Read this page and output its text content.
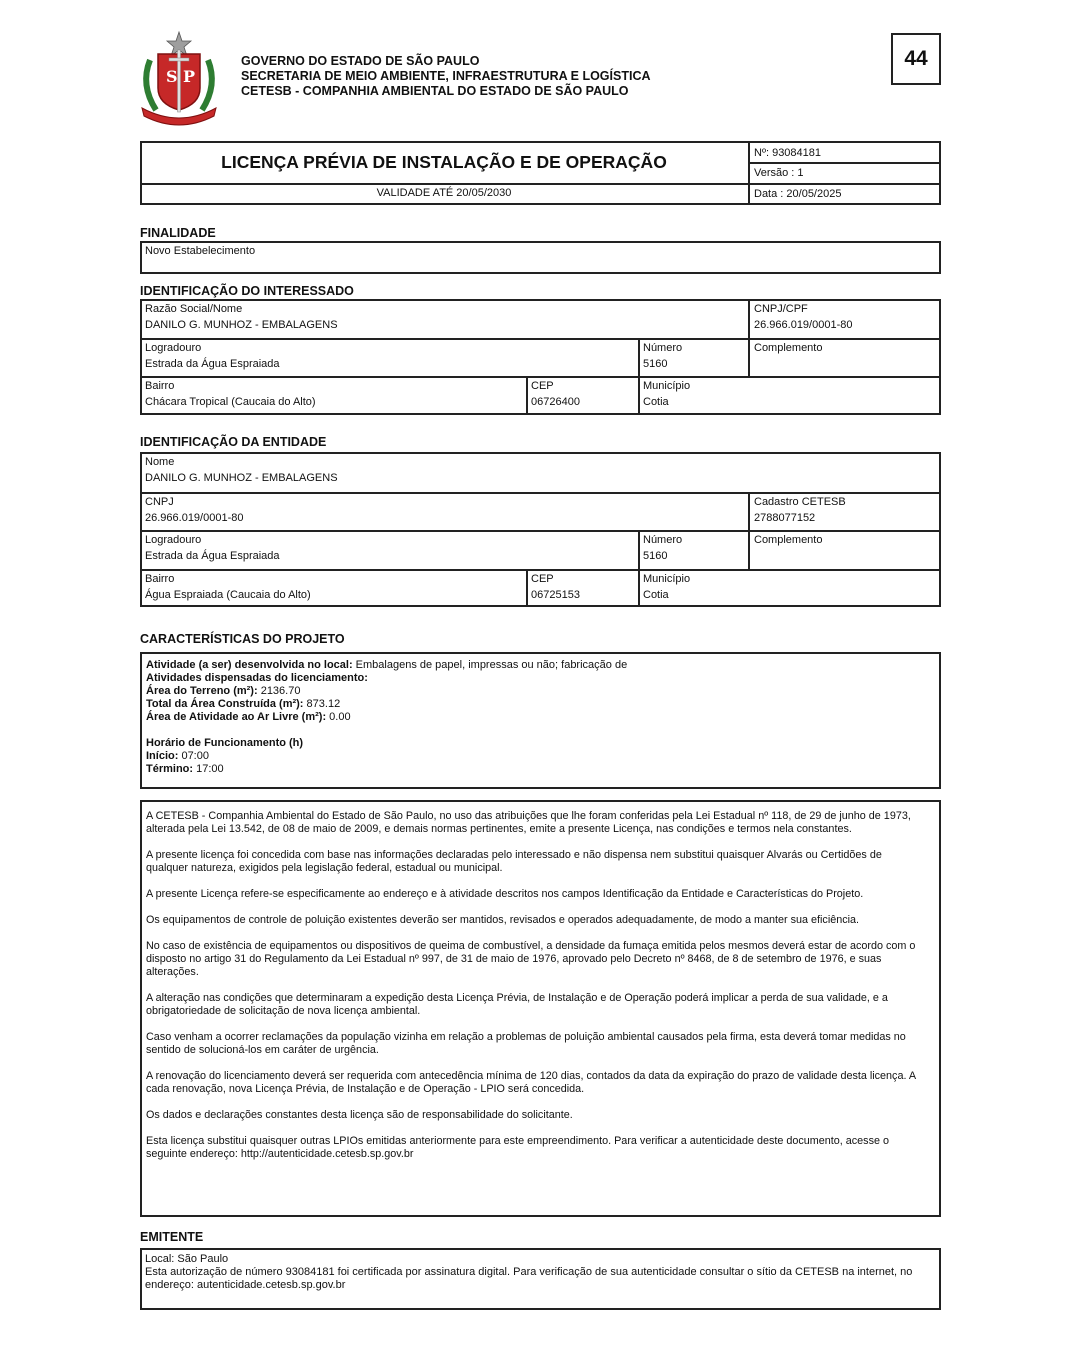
S P
GOVERNO DO ESTADO DE SÃO PAULO
SECRETARIA DE MEIO AMBIENTE, INFRAESTRUTURA E LOGÍSTICA
CETESB - COMPANHIA AMBIENTAL DO ESTADO DE SÃO PAULO
44
LICENÇA PRÉVIA DE INSTALAÇÃO E DE OPERAÇÃO
VALIDADE ATÉ 20/05/2030
Nº: 93084181
Versão : 1
Data : 20/05/2025
FINALIDADE
Novo Estabelecimento
IDENTIFICAÇÃO DO INTERESSADO
Razão Social/Nome
DANILO G. MUNHOZ - EMBALAGENS
CNPJ/CPF
26.966.019/0001-80
Logradouro
Estrada da Água Espraiada
Número
5160
Complemento
Bairro
Chácara Tropical (Caucaia do Alto)
CEP
06726400
Município
Cotia
IDENTIFICAÇÃO DA ENTIDADE
Nome
DANILO G. MUNHOZ - EMBALAGENS
CNPJ
26.966.019/0001-80
Cadastro CETESB
2788077152
Logradouro
Estrada da Água Espraiada
Número
5160
Complemento
Bairro
Água Espraiada (Caucaia do Alto)
CEP
06725153
Município
Cotia
CARACTERÍSTICAS DO PROJETO

Atividade (a ser) desenvolvida no local: Embalagens de papel, impressas ou não; fabricação de

Atividades dispensadas do licenciamento:

Área do Terreno (m²): 2136.70

Total da Área Construída (m²): 873.12

Área de Atividade ao Ar Livre (m²): 0.00

Horário de Funcionamento (h)

Início: 07:00

Término: 17:00

A CETESB - Companhia Ambiental do Estado de São Paulo, no uso das atribuições que lhe foram conferidas pela Lei Estadual nº 118, de 29 de junho de 1973, alterada pela Lei 13.542, de 08 de maio de 2009, e demais normas pertinentes, emite a presente Licença, nas condições e termos nela constantes.

A presente licença foi concedida com base nas informações declaradas pelo interessado e não dispensa nem substitui quaisquer Alvarás ou Certidões de qualquer natureza, exigidos pela legislação federal, estadual ou municipal.

A presente Licença refere-se especificamente ao endereço e à atividade descritos nos campos Identificação da Entidade e Características do Projeto.

Os equipamentos de controle de poluição existentes deverão ser mantidos, revisados e operados adequadamente, de modo a manter sua eficiência.

No caso de existência de equipamentos ou dispositivos de queima de combustível, a densidade da fumaça emitida pelos mesmos deverá estar de acordo com o disposto no artigo 31 do Regulamento da Lei Estadual nº 997, de 31 de maio de 1976, aprovado pelo Decreto nº 8468, de 8 de setembro de 1976, e suas alterações.

A alteração nas condições que determinaram a expedição desta Licença Prévia, de Instalação e de Operação poderá implicar a perda de sua validade, e a obrigatoriedade de solicitação de nova licença ambiental.

Caso venham a ocorrer reclamações da população vizinha em relação a problemas de poluição ambiental causados pela firma, esta deverá tomar medidas no sentido de solucioná-los em caráter de urgência.

A renovação do licenciamento deverá ser requerida com antecedência mínima de 120 dias, contados da data da expiração do prazo de validade desta licença. A cada renovação, nova Licença Prévia, de Instalação e de Operação - LPIO será concedida.

Os dados e declarações constantes desta licença são de responsabilidade do solicitante.

Esta licença substitui quaisquer outras LPIOs emitidas anteriormente para este empreendimento. Para verificar a autenticidade deste documento, acesse o seguinte endereço: http://autenticidade.cetesb.sp.gov.br

EMITENTE

Local: São Paulo

Esta autorização de número 93084181 foi certificada por assinatura digital. Para verificação de sua autenticidade consultar o sítio da CETESB na internet, no endereço: autenticidade.cetesb.sp.gov.br
